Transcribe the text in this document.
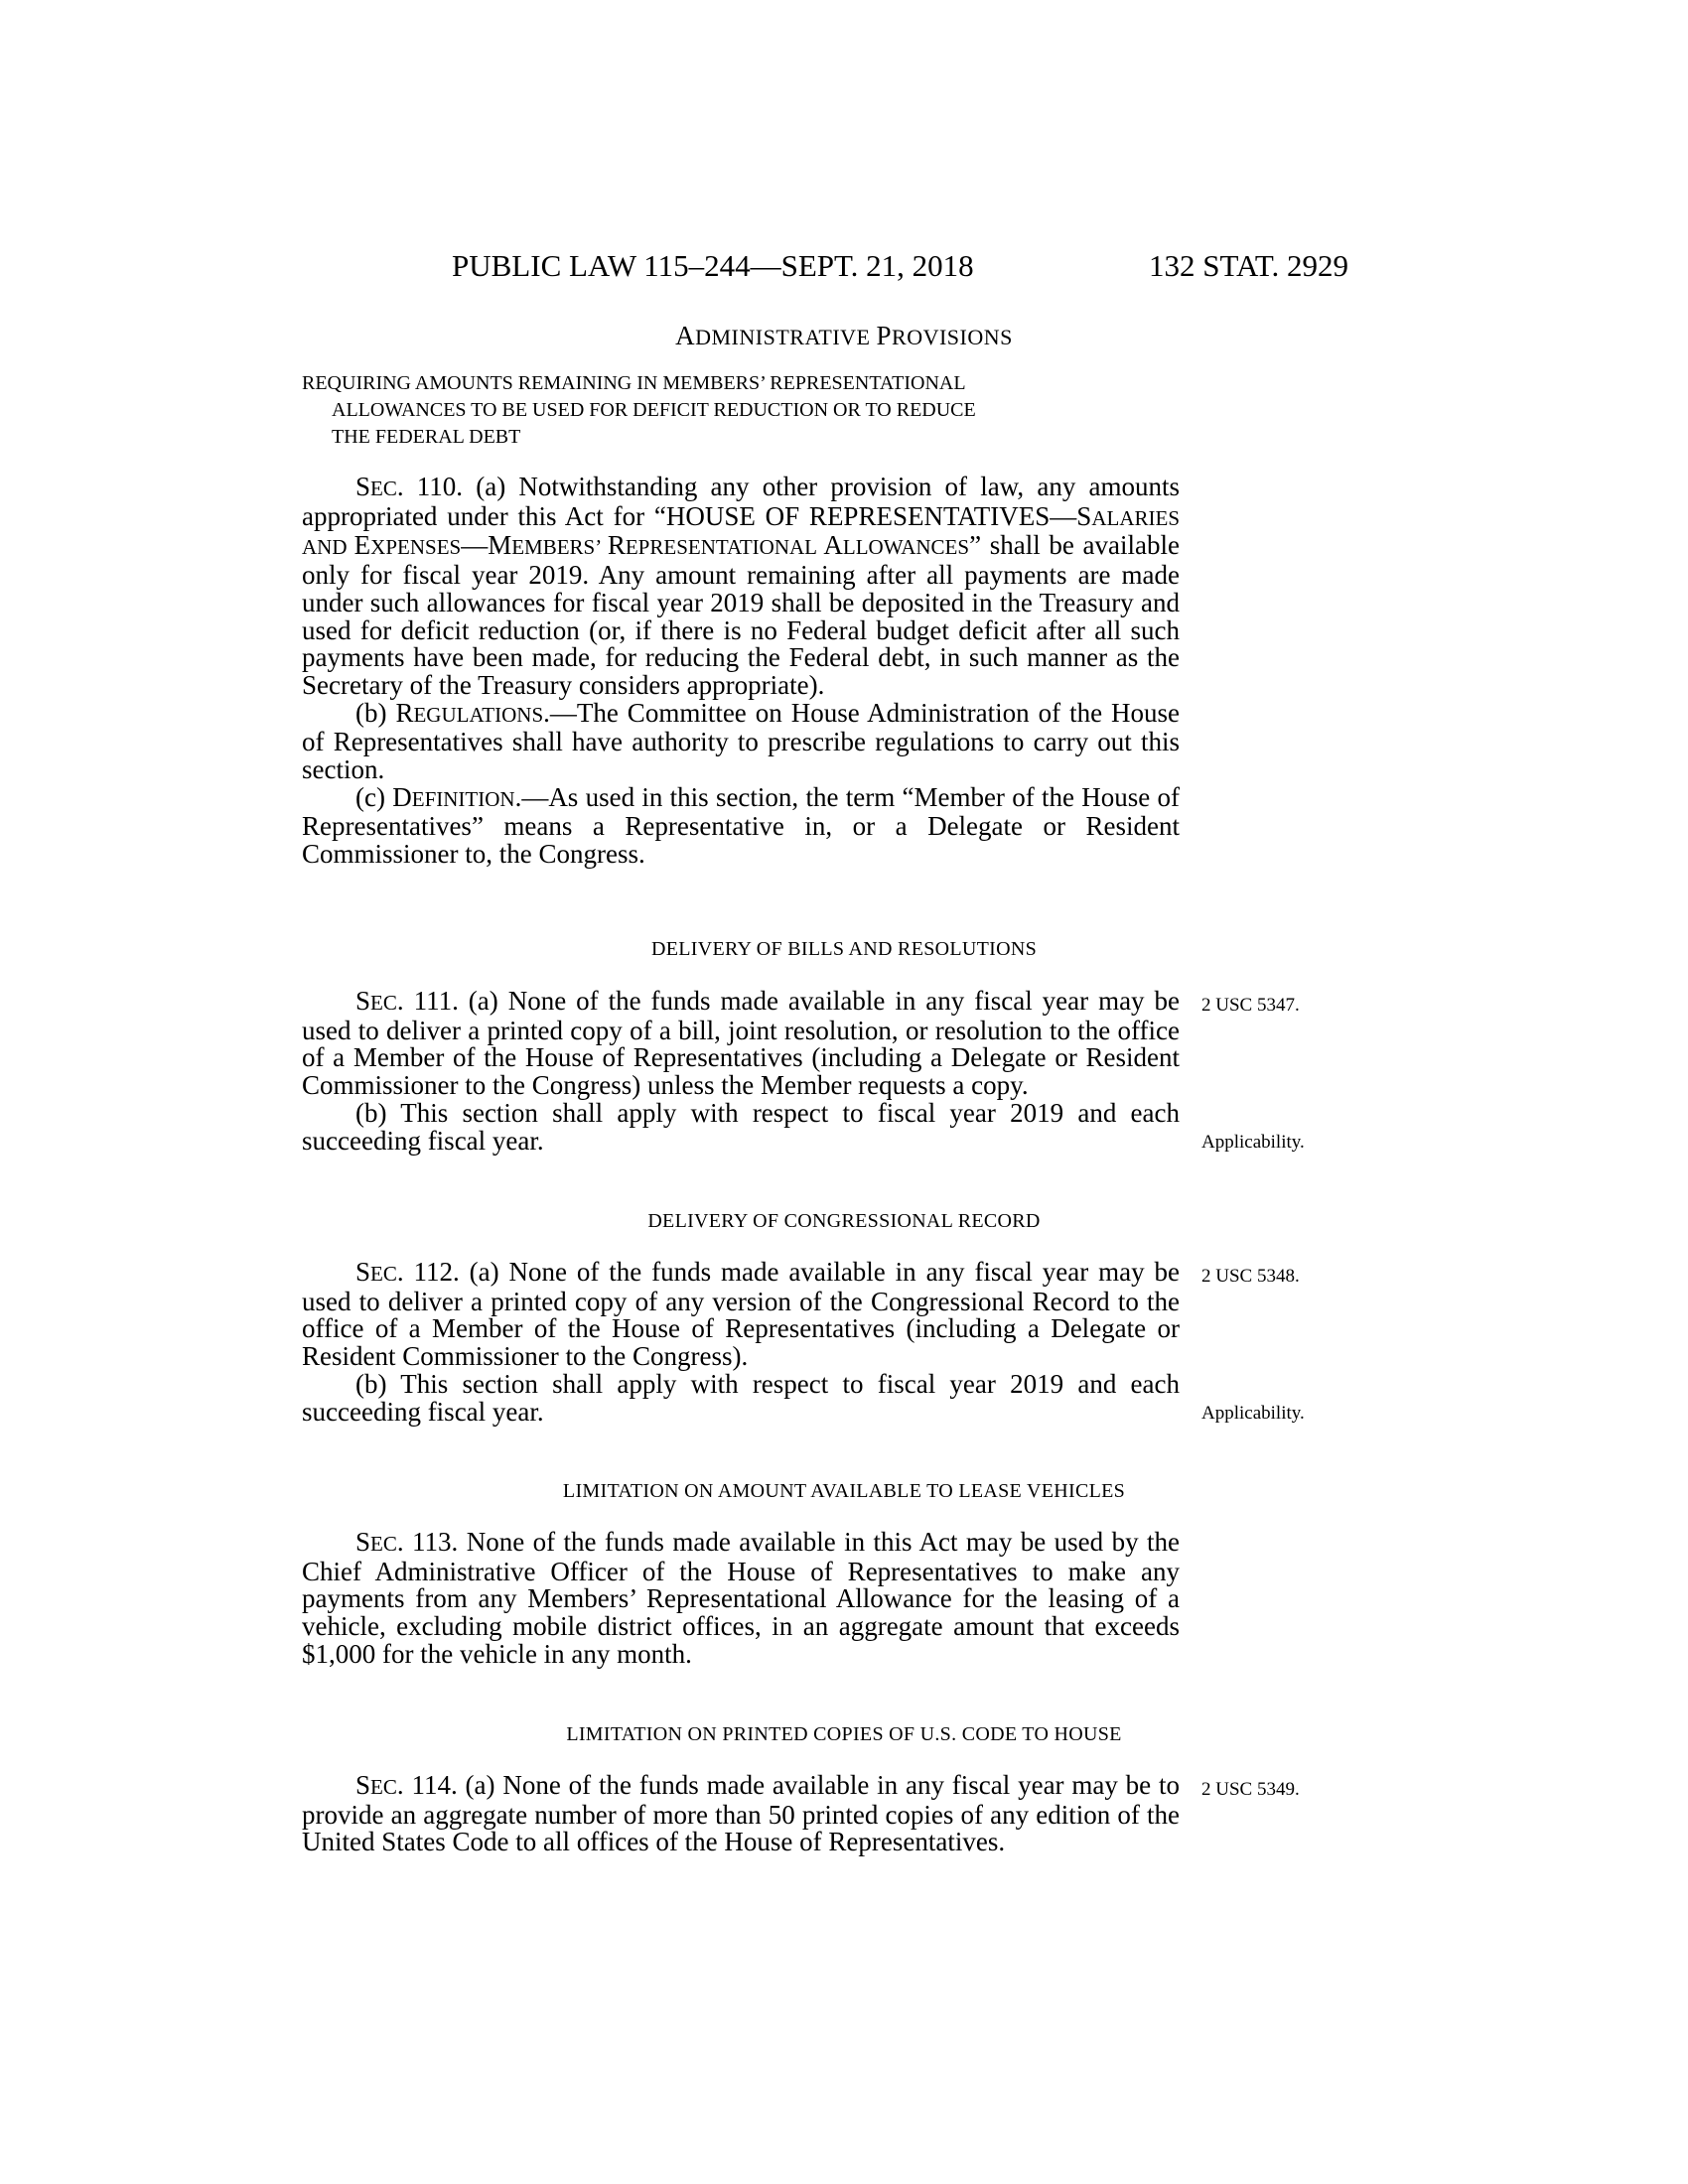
PUBLIC LAW 115–244—SEPT. 21, 2018	132 STAT. 2929
ADMINISTRATIVE PROVISIONS
REQUIRING AMOUNTS REMAINING IN MEMBERS’ REPRESENTATIONAL
ALLOWANCES TO BE USED FOR DEFICIT REDUCTION OR TO REDUCE
THE FEDERAL DEBT

SEC. 110. (a) Notwithstanding any other provision of law, any amounts appropriated under this Act for “HOUSE OF REPRESENTATIVES—SALARIES AND EXPENSES—MEMBERS’ REPRESENTATIONAL ALLOWANCES” shall be available only for fiscal year 2019. Any amount remaining after all payments are made under such allowances for fiscal year 2019 shall be deposited in the Treasury and used for deficit reduction (or, if there is no Federal budget deficit after all such payments have been made, for reducing the Federal debt, in such manner as the Secretary of the Treasury considers appropriate).

(b) REGULATIONS.—The Committee on House Administration of the House of Representatives shall have authority to prescribe regulations to carry out this section.

(c) DEFINITION.—As used in this section, the term “Member of the House of Representatives” means a Representative in, or a Delegate or Resident Commissioner to, the Congress.

DELIVERY OF BILLS AND RESOLUTIONS

SEC. 111. (a) None of the funds made available in any fiscal year may be used to deliver a printed copy of a bill, joint resolution, or resolution to the office of a Member of the House of Representatives (including a Delegate or Resident Commissioner to the Congress) unless the Member requests a copy.

(b) This section shall apply with respect to fiscal year 2019 and each succeeding fiscal year.

2 USC 5347.
Applicability.
DELIVERY OF CONGRESSIONAL RECORD

SEC. 112. (a) None of the funds made available in any fiscal year may be used to deliver a printed copy of any version of the Congressional Record to the office of a Member of the House of Representatives (including a Delegate or Resident Commissioner to the Congress).

(b) This section shall apply with respect to fiscal year 2019 and each succeeding fiscal year.

2 USC 5348.
Applicability.
LIMITATION ON AMOUNT AVAILABLE TO LEASE VEHICLES

SEC. 113. None of the funds made available in this Act may be used by the Chief Administrative Officer of the House of Representatives to make any payments from any Members’ Representational Allowance for the leasing of a vehicle, excluding mobile district offices, in an aggregate amount that exceeds $1,000 for the vehicle in any month.

LIMITATION ON PRINTED COPIES OF U.S. CODE TO HOUSE

SEC. 114. (a) None of the funds made available in any fiscal year may be to provide an aggregate number of more than 50 printed copies of any edition of the United States Code to all offices of the House of Representatives.

2 USC 5349.
